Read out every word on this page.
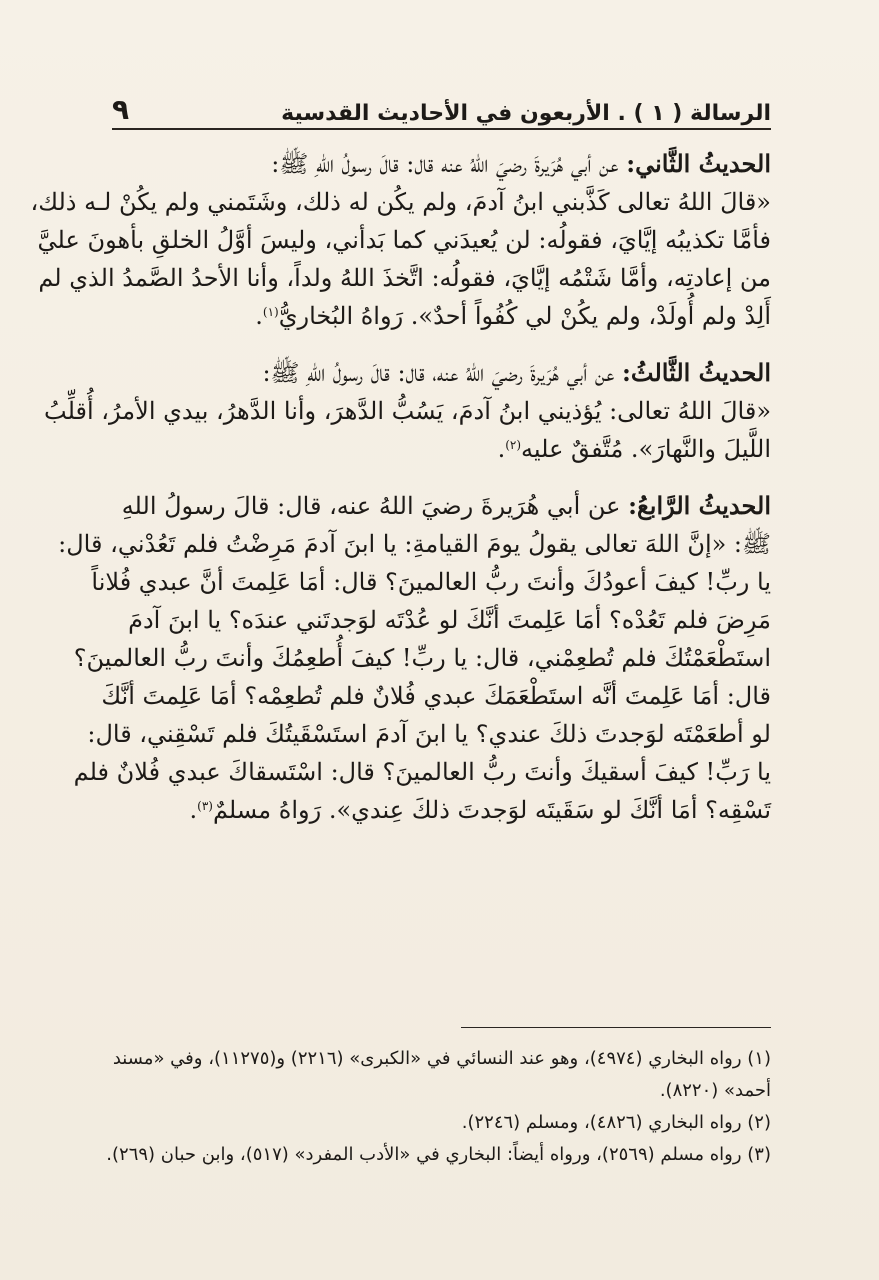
الرسالة ( ١ ) . الأربعون في الأحاديث القدسية
٩
الحديثُ الثَّاني: عن أبي هُرَيرةَ رضيَ اللهُ عنه قال: قالَ رسولُ اللهِ ﷺ:
«قالَ اللهُ تعالى كَذَّبني ابنُ آدمَ، ولم يكُن له ذلك، وشَتَمني ولم يكُنْ لـه ذلك،
فأمَّا تكذيبُه إيَّايَ، فقولُه: لن يُعيدَني كما بَدأني، وليسَ أوَّلُ الخلقِ بأهونَ عليَّ
من إعادتِه، وأمَّا شَتْمُه إيَّايَ، فقولُه: اتَّخذَ اللهُ ولداً، وأنا الأحدُ الصَّمدُ الذي لم
أَلِدْ ولم أُولَدْ، ولم يكُنْ لي كُفُواً أحدٌ». رَواهُ البُخاريُّ$^{(١)}$.
الحديثُ الثَّالثُ: عن أبي هُرَيرةَ رضيَ اللهُ عنه، قال: قالَ رسولُ اللهِ ﷺ:
«قالَ اللهُ تعالى: يُؤذيني ابنُ آدمَ، يَسُبُّ الدَّهرَ، وأنا الدَّهرُ، بيدي الأمرُ، أُقلِّبُ
اللَّيلَ والنَّهارَ». مُتَّفقٌ عليه$^{(٢)}$.
الحديثُ الرَّابعُ: عن أبي هُرَيرةَ رضيَ اللهُ عنه، قال: قالَ رسولُ اللهِ
ﷺ: «إنَّ اللهَ تعالى يقولُ يومَ القيامةِ: يا ابنَ آدمَ مَرِضْتُ فلم تَعُدْني، قال:
يا ربِّ! كيفَ أعودُكَ وأنتَ ربُّ العالمينَ؟ قال: أمَا عَلِمتَ أنَّ عبدي فُلاناً
مَرِضَ فلم تَعُدْه؟ أمَا عَلِمتَ أنَّكَ لو عُدْتَه لوَجدتَني عندَه؟ يا ابنَ آدمَ
استَطْعَمْتُكَ فلم تُطعِمْني، قال: يا ربِّ! كيفَ أُطعِمُكَ وأنتَ ربُّ العالمينَ؟
قال: أمَا عَلِمتَ أنَّه استَطْعَمَكَ عبدي فُلانٌ فلم تُطعِمْه؟ أمَا عَلِمتَ أنَّكَ
لو أطعَمْتَه لوَجدتَ ذلكَ عندي؟ يا ابنَ آدمَ استَسْقَيتُكَ فلم تَسْقِني، قال:
يا رَبِّ! كيفَ أسقيكَ وأنتَ ربُّ العالمينَ؟ قال: اسْتَسقاكَ عبدي فُلانٌ فلم
تَسْقِه؟ أمَا أنَّكَ لو سَقَيتَه لوَجدتَ ذلكَ عِندي». رَواهُ مسلمٌ$^{(٣)}$.
(١) رواه البخاري (٤٩٧٤)، وهو عند النسائي في «الكبرى» (٢٢١٦) و(١١٢٧٥)، وفي «مسند
أحمد» (٨٢٢٠).
(٢) رواه البخاري (٤٨٢٦)، ومسلم (٢٢٤٦).
(٣) رواه مسلم (٢٥٦٩)، ورواه أيضاً: البخاري في «الأدب المفرد» (٥١٧)، وابن حبان (٢٦٩).
